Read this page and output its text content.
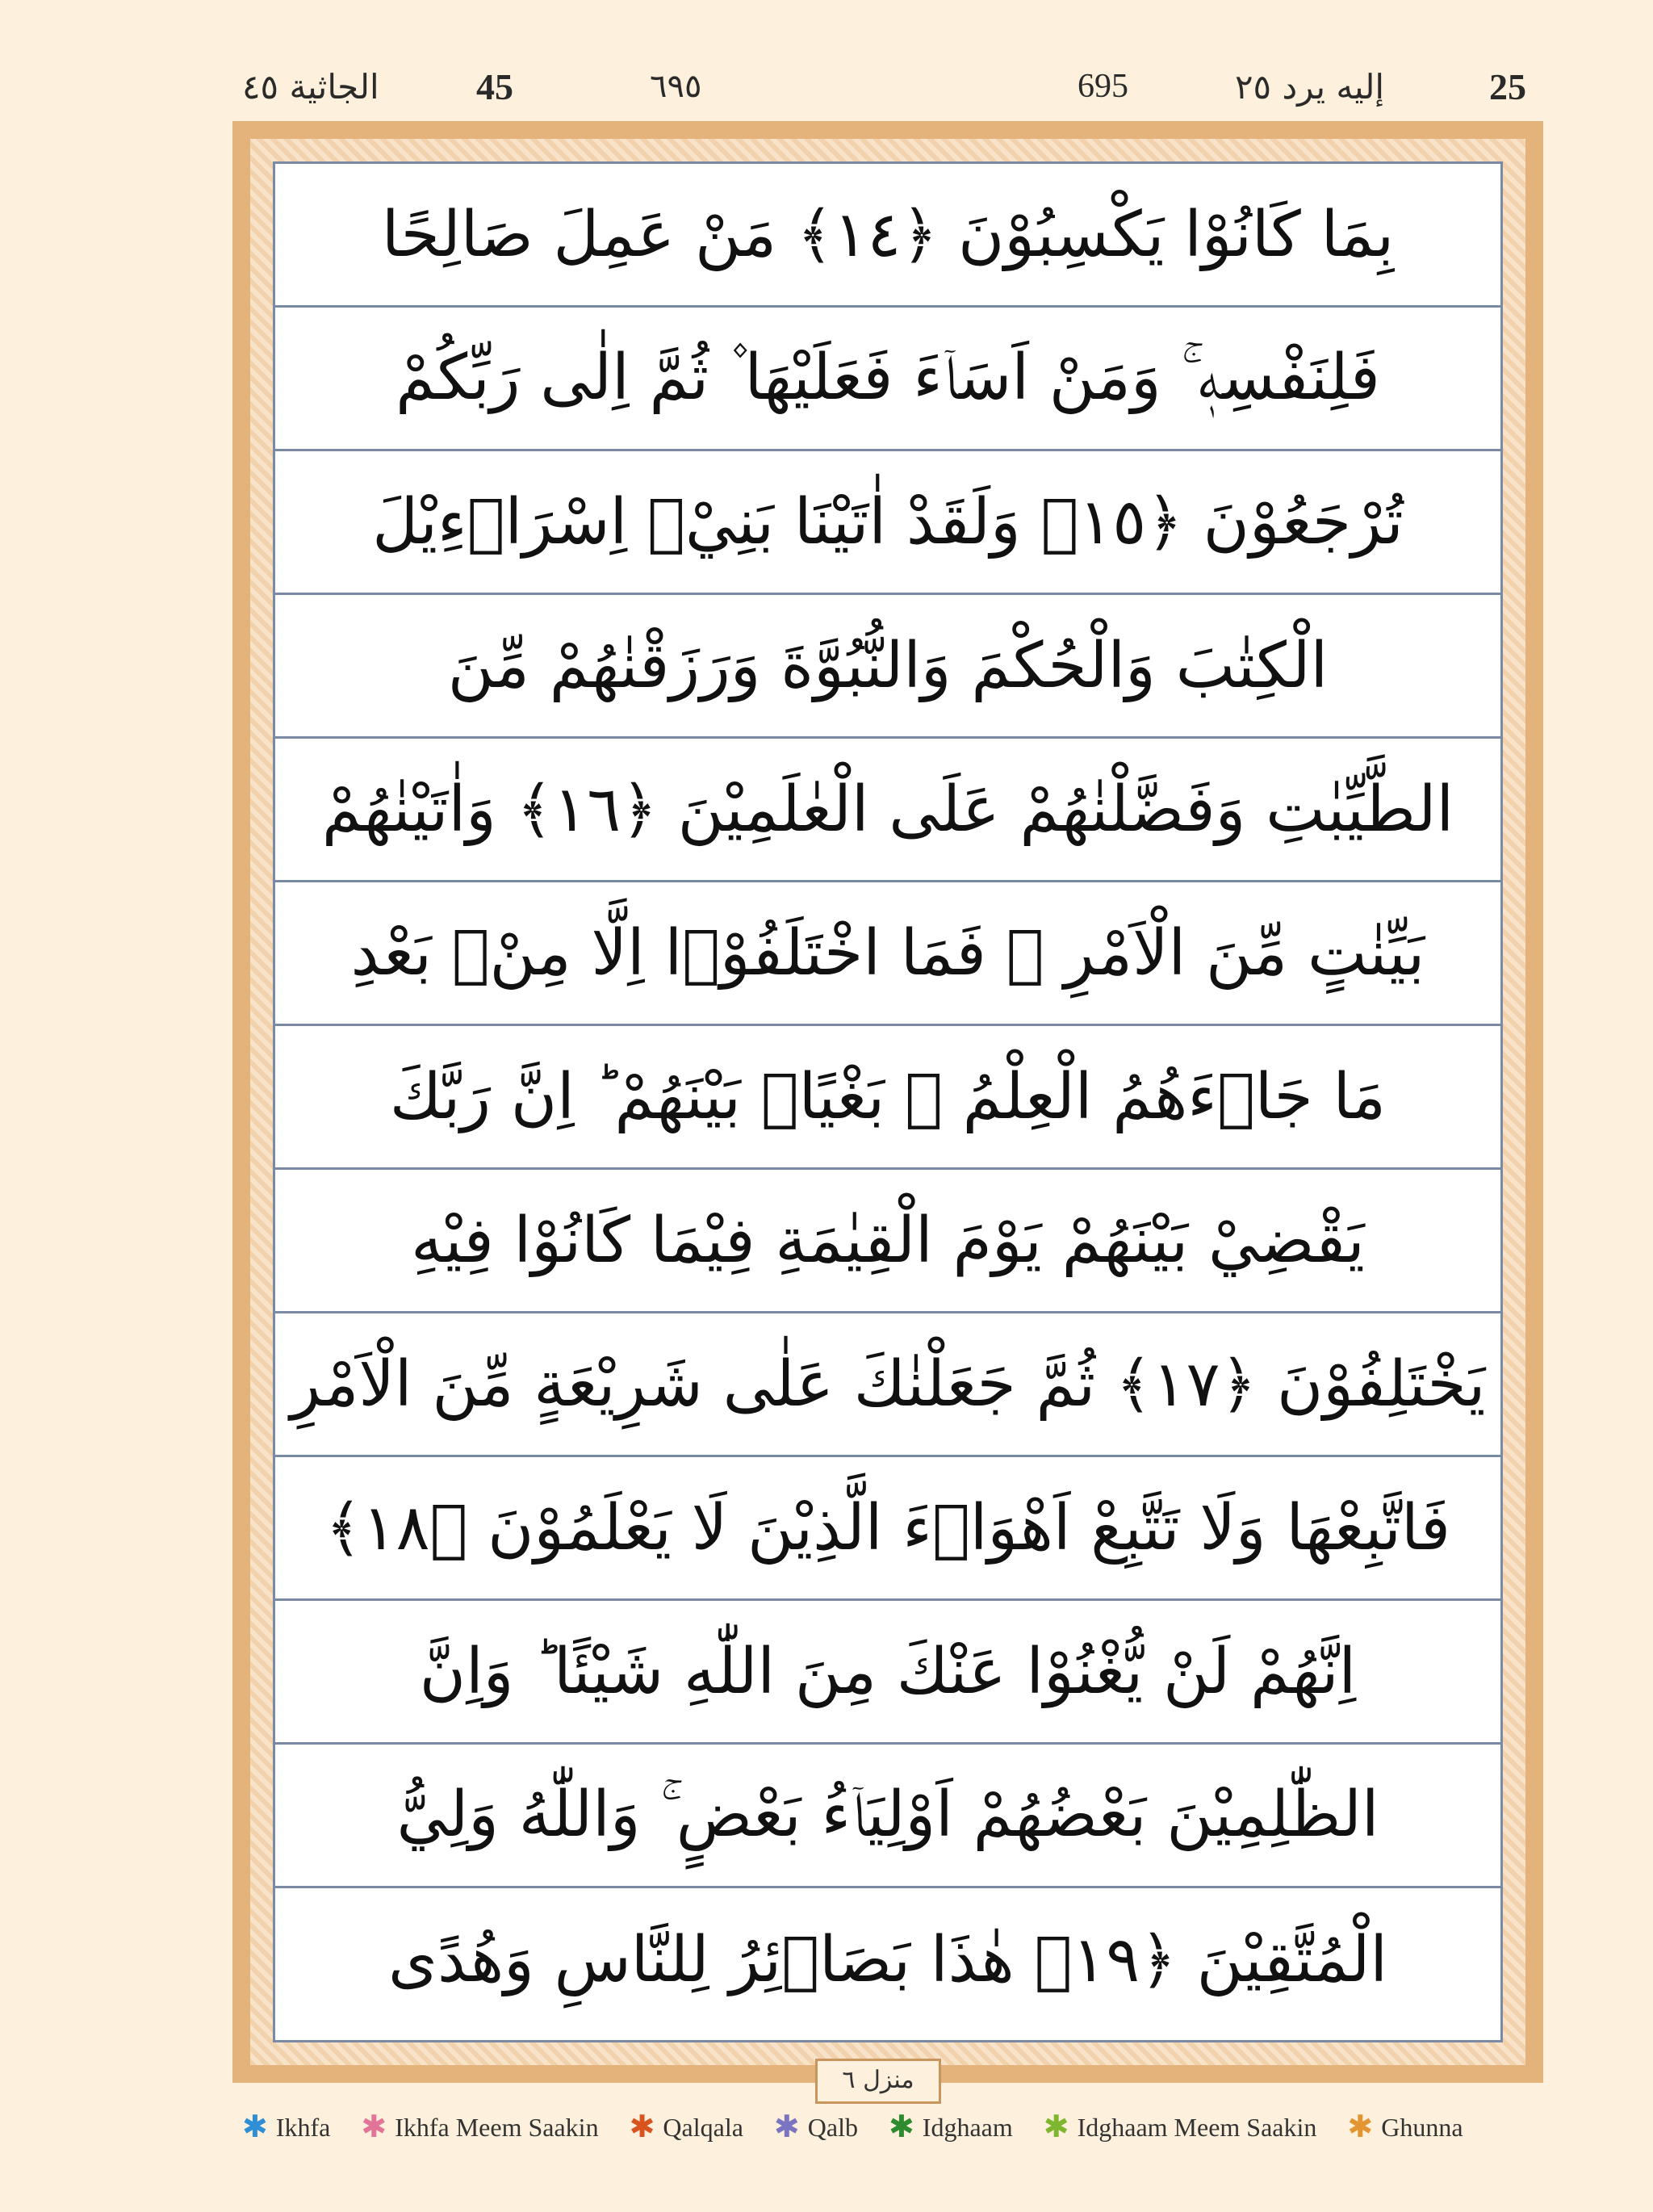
الجاثية ٤٥	45	٦٩٥	695	إليه يرد ٢٥	25
بِمَا كَانُوْا يَكْسِبُوْنَ ﴿١٤﴾ مَنْ عَمِلَ صَالِحًا
فَلِنَفْسِهٖ ۚ وَمَنْ اَسَاۤءَ فَعَلَيْهَا ۫ ثُمَّ اِلٰى رَبِّكُمْ
تُرْجَعُوْنَ ﴿١٥﴾ وَلَقَدْ اٰتَيْنَا بَنِيْۤ اِسْرَاۤءِيْلَ
الْكِتٰبَ وَالْحُكْمَ وَالنُّبُوَّةَ وَرَزَقْنٰهُمْ مِّنَ
الطَّيِّبٰتِ وَفَضَّلْنٰهُمْ عَلَى الْعٰلَمِيْنَ ﴿١٦﴾ وَاٰتَيْنٰهُمْ
بَيِّنٰتٍ مِّنَ الْاَمْرِ ۚ فَمَا اخْتَلَفُوْۤا اِلَّا مِنْۢ بَعْدِ
مَا جَاۤءَهُمُ الْعِلْمُ ۙ بَغْيًاۢ بَيْنَهُمْ ؕ اِنَّ رَبَّكَ
يَقْضِيْ بَيْنَهُمْ يَوْمَ الْقِيٰمَةِ فِيْمَا كَانُوْا فِيْهِ
يَخْتَلِفُوْنَ ﴿١٧﴾ ثُمَّ جَعَلْنٰكَ عَلٰى شَرِيْعَةٍ مِّنَ الْاَمْرِ
فَاتَّبِعْهَا وَلَا تَتَّبِعْ اَهْوَاۤءَ الَّذِيْنَ لَا يَعْلَمُوْنَ ﴿١٨﴾
اِنَّهُمْ لَنْ يُّغْنُوْا عَنْكَ مِنَ اللّٰهِ شَيْئًا ؕ وَاِنَّ
الظّٰلِمِيْنَ بَعْضُهُمْ اَوْلِيَاۤءُ بَعْضٍ ۚ وَاللّٰهُ وَلِيُّ
الْمُتَّقِيْنَ ﴿١٩﴾ هٰذَا بَصَاۤئِرُ لِلنَّاسِ وَهُدًى
منزل ٦
✱ Ikhfa ✱ Ikhfa Meem Saakin ✱ Qalqala ✱ Qalb ✱ Idghaam ✱ Idghaam Meem Saakin ✱ Ghunna
